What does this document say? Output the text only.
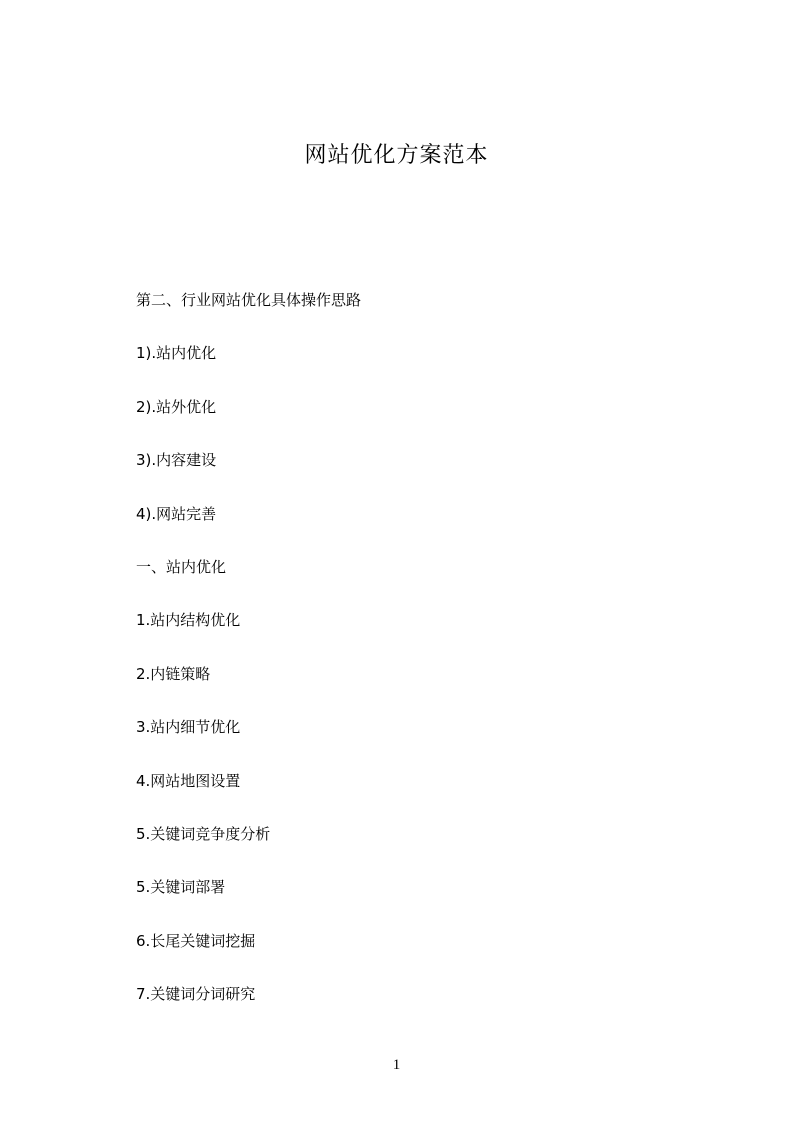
网站优化方案范本
第二、行业网站优化具体操作思路
1).站内优化
2).站外优化
3).内容建设
4).网站完善
一、站内优化
1.站内结构优化
2.内链策略
3.站内细节优化
4.网站地图设置
5.关键词竞争度分析
5.关键词部署
6.长尾关键词挖掘
7.关键词分词研究
1
